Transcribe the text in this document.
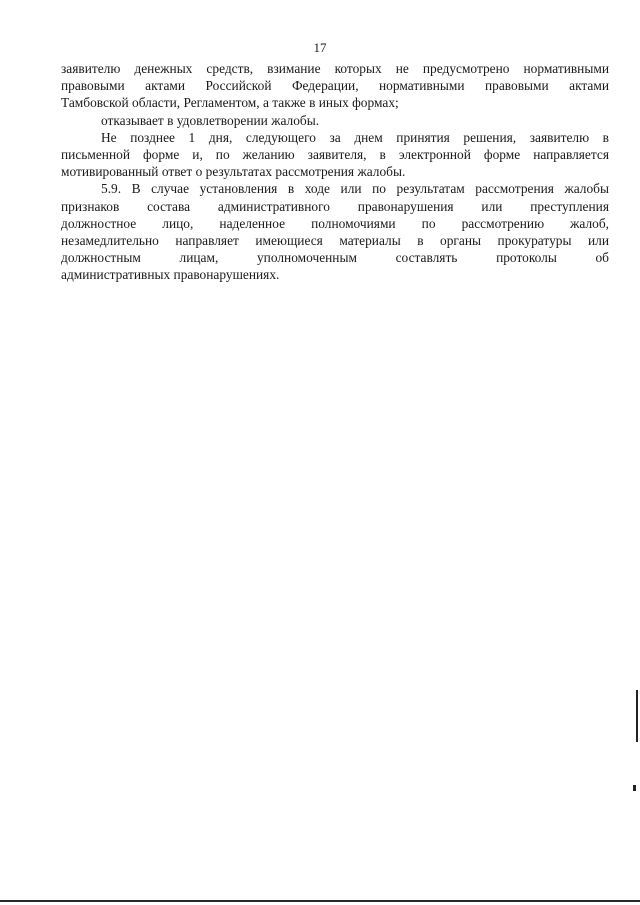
17
заявителю денежных средств, взимание которых не предусмотрено нормативными
правовыми актами Российской Федерации, нормативными правовыми актами
Тамбовской области, Регламентом, а также в иных формах;
отказывает в удовлетворении жалобы.
Не позднее 1 дня, следующего за днем принятия решения, заявителю в
письменной форме и, по желанию заявителя, в электронной форме направляется
мотивированный ответ о результатах рассмотрения жалобы.
5.9. В случае установления в ходе или по результатам рассмотрения жалобы
признаков состава административного правонарушения или преступления
должностное лицо, наделенное полномочиями по рассмотрению жалоб,
незамедлительно направляет имеющиеся материалы в органы прокуратуры или
должностным лицам, уполномоченным составлять протоколы об
административных правонарушениях.
